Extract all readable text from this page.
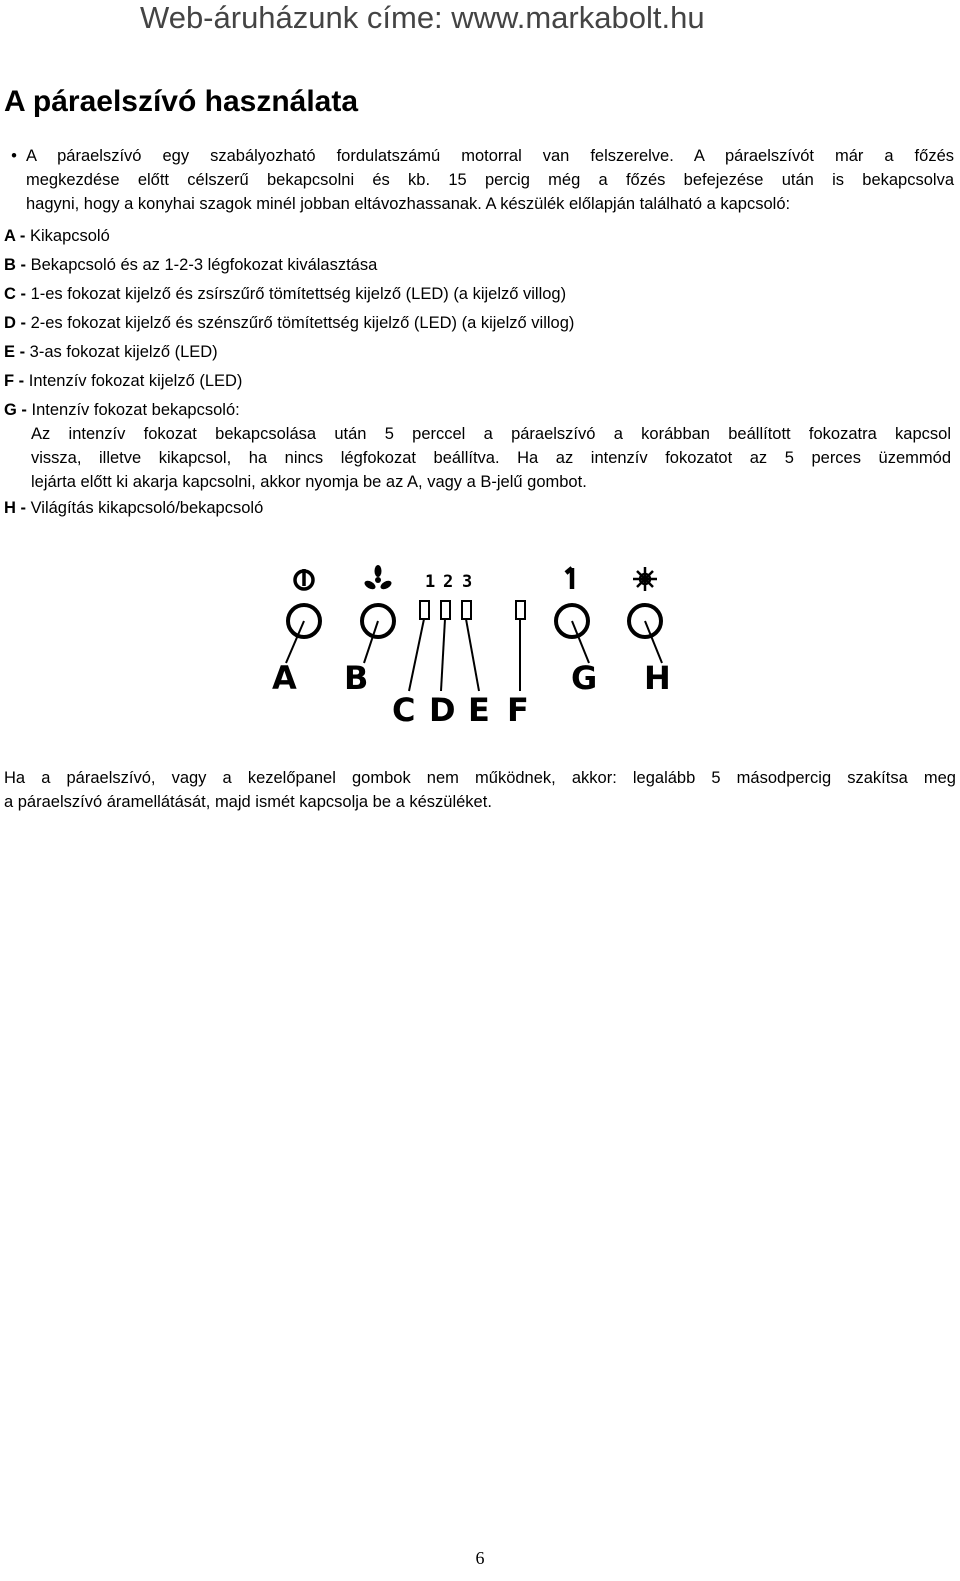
Web-áruházunk címe: www.markabolt.hu
A páraelszívó használata
• A páraelszívó egy szabályozható fordulatszámú motorral van felszerelve. A páraelszívót már a főzés
megkezdése előtt célszerű bekapcsolni és kb. 15 percig még a főzés befejezése után is bekapcsolva
hagyni, hogy a konyhai szagok minél jobban eltávozhassanak. A készülék előlapján található a kapcsoló:
A - Kikapcsoló
B - Bekapcsoló és az 1-2-3 légfokozat kiválasztása
C - 1-es fokozat kijelző és zsírszűrő tömítettség kijelző (LED) (a kijelző villog)
D - 2-es fokozat kijelző és szénszűrő tömítettség kijelző (LED) (a kijelző villog)
E - 3-as fokozat kijelző (LED)
F - Intenzív fokozat kijelző (LED)
G - Intenzív fokozat bekapcsoló:
H - Világítás kikapcsoló/bekapcsoló
Az intenzív fokozat bekapcsolása után 5 perccel a páraelszívó a korábban beállított fokozatra kapcsol
vissza, illetve kikapcsol, ha nincs légfokozat beállítva. Ha az intenzív fokozatot az 5 perces üzemmód
lejárta előtt ki akarja kapcsolni, akkor nyomja be az A, vagy a B-jelű gombot.
1 2 3
A B
C D E F
G H
1
Ha a páraelszívó, vagy a kezelőpanel gombok nem működnek, akkor: legalább 5 másodpercig szakítsa meg
a páraelszívó áramellátását, majd ismét kapcsolja be a készüléket.
6
